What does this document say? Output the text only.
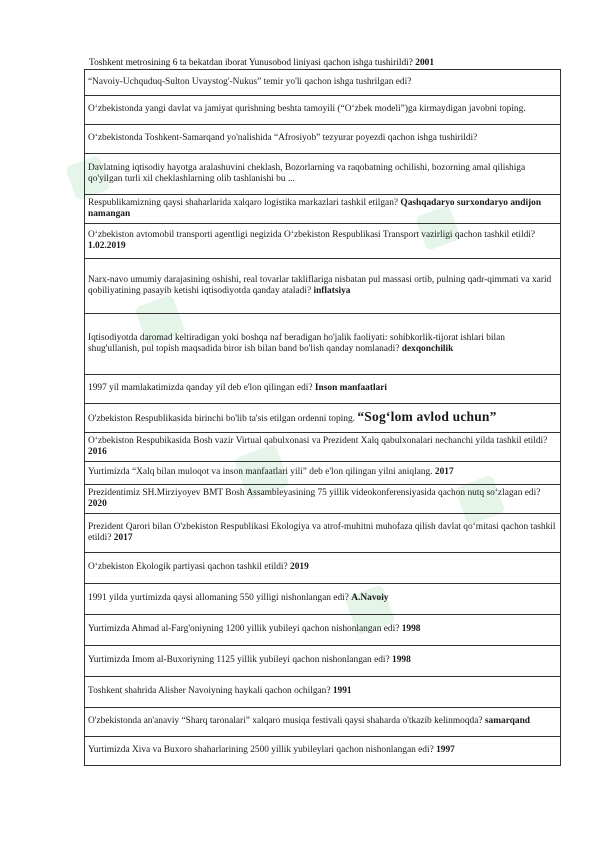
Toshkent metrosining 6 ta bekatdan iborat Yunusobod liniyasi qachon ishga tushirildi? 2001
“Navoiy-Uchquduq-Sulton Uvaystog'-Nukus” temir yo'li qachon ishga tushrilgan edi?
O‘zbekistonda yangi davlat va jamiyat qurishning beshta tamoyili (“O‘zbek modeli”)ga kirmaydigan javobni toping.
O‘zbekistonda Toshkent-Samarqand yo'nalishida “Afrosiyob” tezyurar poyezdi qachon ishga tushirildi?
Davlatning iqtisodiy hayotga aralashuvini cheklash, Bozorlarning va raqobatning ochilishi, bozorning amal qilishiga qo'yilgan turli xil cheklashlarning olib tashlanishi bu ...
Respublikamizning qaysi shaharlarida xalqaro logistika markazlari tashkil etilgan? Qashqadaryo surxondaryo andijon namangan
O‘zbekiston avtomobil transporti agentligi negizida O‘zbekiston Respublikasi Transport vazirligi qachon tashkil etildi? 1.02.2019
Narx-navo umumiy darajasining oshishi, real tovarlar takliflariga nisbatan pul massasi ortib, pulning qadr-qimmati va xarid qobiliyatining pasayib ketishi iqtisodiyotda qanday ataladi? inflatsiya
Iqtisodiyotda daromad keltiradigan yoki boshqa naf beradigan ho'jalik faoliyati: sohibkorlik-tijorat ishlari bilan shug'ullanish, pul topish maqsadida biror ish bilan band bo'lish qanday nomlanadi? dexqonchilik
1997 yil mamlakatimizda qanday yil deb e'lon qilingan edi? Inson manfaatlari
O'zbekiston Respublikasida birinchi bo'lib ta'sis etilgan ordenni toping. “Sog‘lom avlod uchun”
O‘zbekiston Respubikasida Bosh vazir Virtual qabulxonasi va Prezident Xalq qabulxonalari nechanchi yilda tashkil etildi? 2016
Yurtimizda “Xalq bilan muloqot va inson manfaatlari yili” deb e'lon qilingan yilni aniqlang. 2017
Prezidentimiz SH.Mirziyoyev BMT Bosh Assambleyasining 75 yillik videokonferensiyasida qachon nutq so‘zlagan edi? 2020
Prezident Qarori bilan O'zbekiston Respublikasi Ekologiya va atrof-muhitni muhofaza qilish davlat qo‘mitasi qachon tashkil etildi? 2017
O‘zbekiston Ekologik partiyasi qachon tashkil etildi? 2019
1991 yilda yurtimizda qaysi allomaning 550 yilligi nishonlangan edi? A.Navoiy
Yurtimizda Ahmad al-Farg'oniyning 1200 yillik yubileyi qachon nishonlangan edi? 1998
Yurtimizda Imom al-Buxoriyning 1125 yillik yubileyi qachon nishonlangan edi? 1998
Toshkent shahrida Alisher Navoiyning haykali qachon ochilgan? 1991
O'zbekistonda an'anaviy “Sharq taronalari” xalqaro musiqa festivali qaysi shaharda o'tkazib kelinmoqda? samarqand
Yurtimizda Xiva va Buxoro shaharlarining 2500 yillik yubileylari qachon nishonlangan edi? 1997
